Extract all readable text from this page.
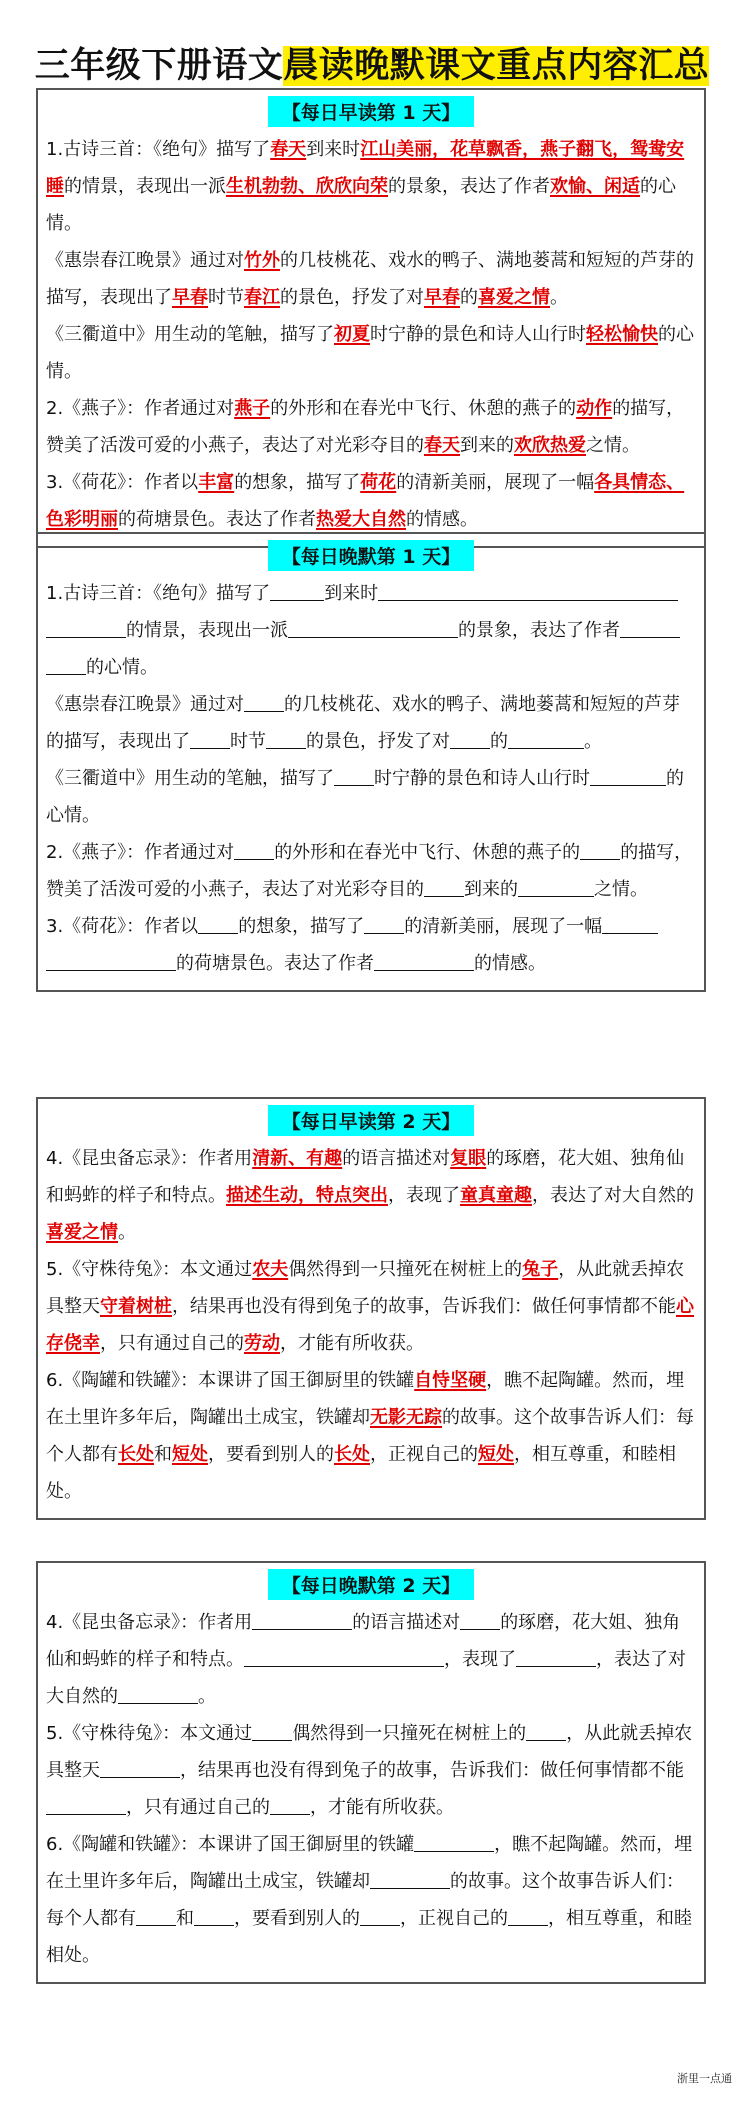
三年级下册语文晨读晚默课文重点内容汇总
【每日早读第 1 天】
1.古诗三首：《绝句》描写了春天到来时江山美丽，花草飘香，燕子翻飞，鸳鸯安睡的情景，表现出一派生机勃勃、欣欣向荣的景象，表达了作者欢愉、闲适的心情。
《惠崇春江晚景》通过对竹外的几枝桃花、戏水的鸭子、满地蒌蒿和短短的芦芽的描写，表现出了早春时节春江的景色，抒发了对早春的喜爱之情。
《三衢道中》用生动的笔触，描写了初夏时宁静的景色和诗人山行时轻松愉快的心情。
2.《燕子》：作者通过对燕子的外形和在春光中飞行、休憩的燕子的动作的描写，赞美了活泼可爱的小燕子，表达了对光彩夺目的春天到来的欢欣热爱之情。
3.《荷花》：作者以丰富的想象，描写了荷花的清新美丽，展现了一幅各具情态、色彩明丽的荷塘景色。表达了作者热爱大自然的情感。
【每日晚默第 1 天】
1.古诗三首：《绝句》描写了	到来时的情景，表现出一派	的景象，表达了作者的心情。
《惠崇春江晚景》通过对 的几枝桃花、戏水的鸭子、满地蒌蒿和短短的芦芽的描写，表现出了 时节 的景色，抒发了对 的	。
《三衢道中》用生动的笔触，描写了 时宁静的景色和诗人山行时	的心情。
2.《燕子》：作者通过对 的外形和在春光中飞行、休憩的燕子的 的描写，赞美了活泼可爱的小燕子，表达了对光彩夺目的 到来的	之情。
3.《荷花》：作者以 的想象，描写了 的清新美丽，展现了一幅的荷塘景色。表达了作者	的情感。
【每日早读第 2 天】
4.《昆虫备忘录》：作者用清新、有趣的语言描述对复眼的琢磨，花大姐、独角仙和蚂蚱的样子和特点。描述生动，特点突出，表现了童真童趣，表达了对大自然的喜爱之情。
5.《守株待兔》：本文通过农夫偶然得到一只撞死在树桩上的兔子，从此就丢掉农具整天守着树桩，结果再也没有得到兔子的故事，告诉我们：做任何事情都不能心存侥幸，只有通过自己的劳动，才能有所收获。
6.《陶罐和铁罐》：本课讲了国王御厨里的铁罐自恃坚硬，瞧不起陶罐。然而，埋在土里许多年后，陶罐出土成宝，铁罐却无影无踪的故事。这个故事告诉人们：每个人都有长处和短处，要看到别人的长处，正视自己的短处，相互尊重，和睦相处。
【每日晚默第 2 天】
4.《昆虫备忘录》：作者用	的语言描述对 的琢磨，花大姐、独角仙和蚂蚱的样子和特点。	，表现了	，表达了对大自然的	。
5.《守株待兔》：本文通过 偶然得到一只撞死在树桩上的 ，从此就丢掉农具整天	，结果再也没有得到兔子的故事，告诉我们：做任何事情都不能，只有通过自己的 ，才能有所收获。
6.《陶罐和铁罐》：本课讲了国王御厨里的铁罐	，瞧不起陶罐。然而，埋在土里许多年后，陶罐出土成宝，铁罐却	的故事。这个故事告诉人们：每个人都有 和 ，要看到别人的 ，正视自己的 ，相互尊重，和睦相处。
浙里一点通
